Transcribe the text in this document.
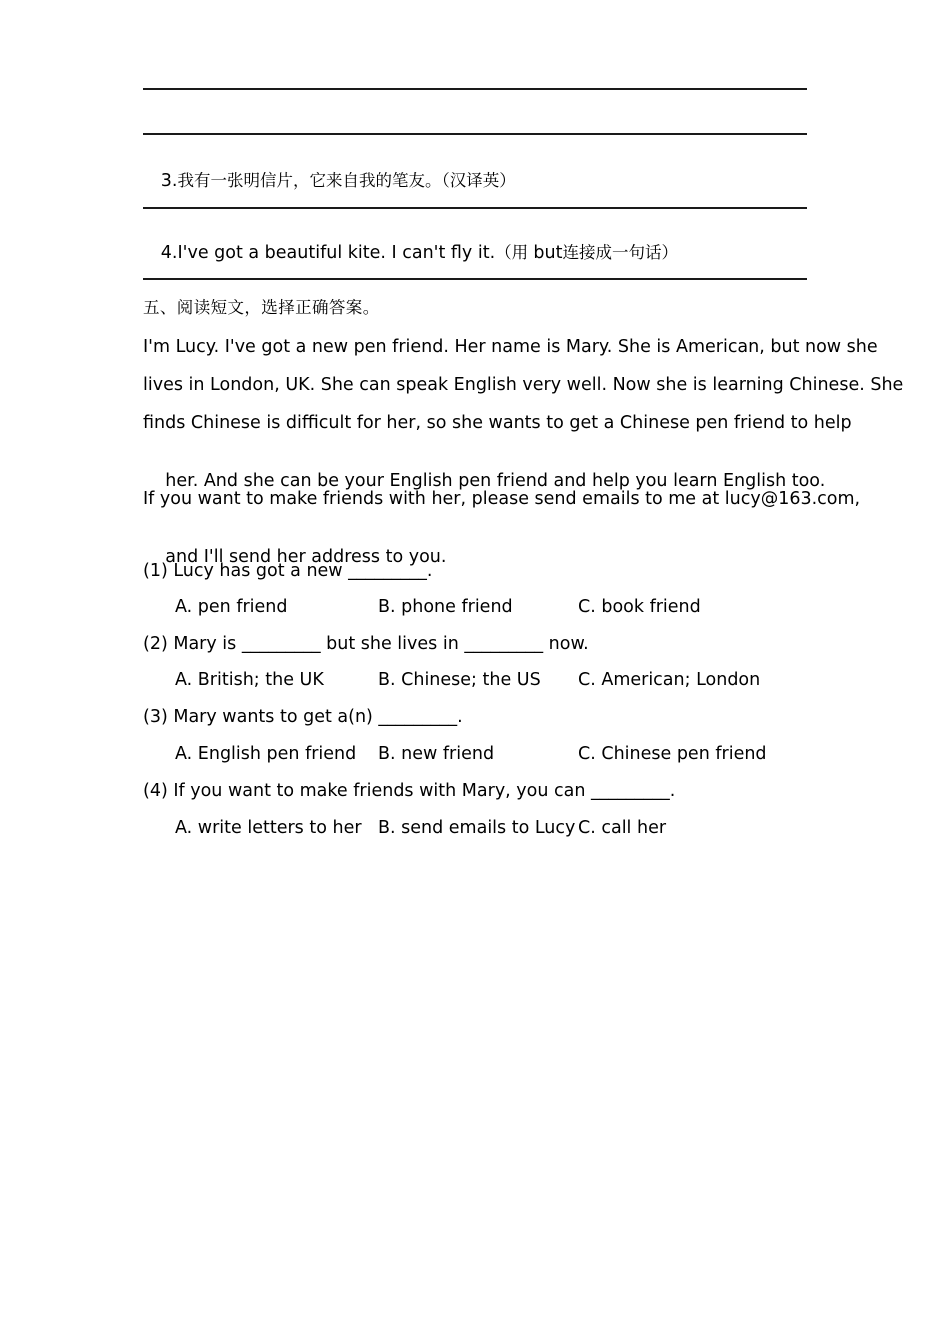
3.我有一张明信片，它来自我的笔友。（汉译英）

4.I've got a beautiful kite. I can't fly it.（用 but连接成一句话）

五、阅读短文，选择正确答案。
I'm Lucy. I've got a new pen friend. Her name is Mary. She is American, but now she
lives in London, UK. She can speak English very well. Now she is learning Chinese. She
finds Chinese is difficult for her, so she wants to get a Chinese pen friend to help

her. And she can be your English pen friend and help you learn English too.

If you want to make friends with her, please send emails to me at lucy@163.com,

and I'll send her address to you.

(1) Lucy has got a new _________.
A. pen friend	B. phone friend	C. book friend
(2) Mary is _________ but she lives in _________ now.
A. British; the UK	B. Chinese; the US C. American; London
(3) Mary wants to get a(n) _________.
A. English pen friend B. new friend	C. Chinese pen friend
(4) If you want to make friends with Mary, you can _________.
A. write letters to her B. send emails to Lucy C. call her
